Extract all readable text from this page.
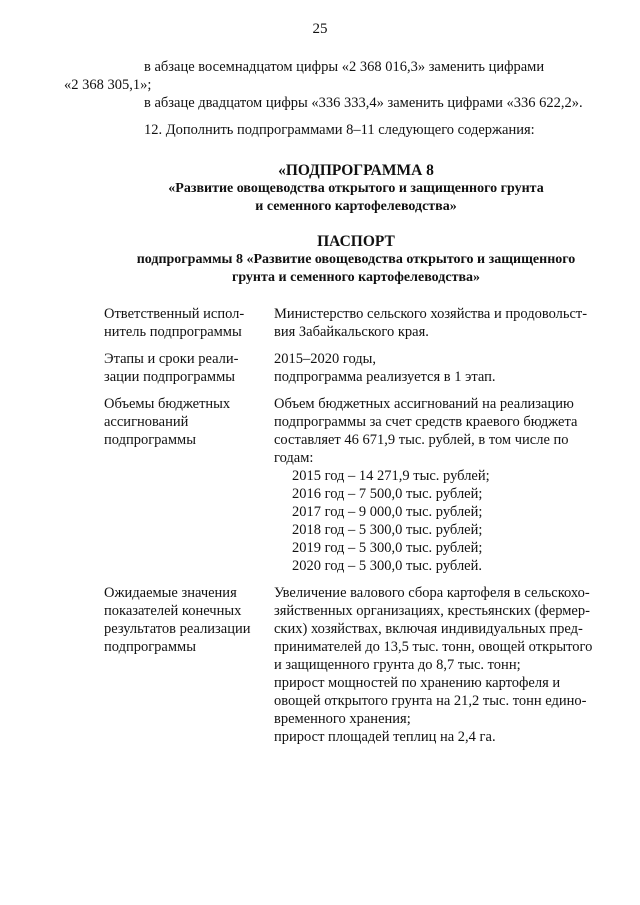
25

в абзаце восемнадцатом цифры «2 368 016,3» заменить цифрами
«2 368 305,1»;

в абзаце двадцатом цифры «336 333,4» заменить цифрами «336 622,2».

12. Дополнить подпрограммами 8–11 следующего содержания:

«ПОДПРОГРАММА 8
«Развитие овощеводства открытого и защищенного грунта
и семенного картофелеводства»
ПАСПОРТ
подпрограммы 8 «Развитие овощеводства открытого и защищенного
грунта и семенного картофелеводства»
Ответственный испол-
нитель подпрограммы
Министерство сельского хозяйства и продовольст-
вия Забайкальского края.
Этапы и сроки реали-
зации подпрограммы
2015–2020 годы,
подпрограмма реализуется в 1 этап.
Объемы бюджетных
ассигнований
подпрограммы
Объем бюджетных ассигнований на реализацию
подпрограммы за счет средств краевого бюджета
составляет 46 671,9 тыс. рублей, в том числе по
годам:
2015 год – 14 271,9 тыс. рублей;
2016 год – 7 500,0 тыс. рублей;
2017 год – 9 000,0 тыс. рублей;
2018 год – 5 300,0 тыс. рублей;
2019 год – 5 300,0 тыс. рублей;
2020 год – 5 300,0 тыс. рублей.
Ожидаемые значения
показателей конечных
результатов реализации
подпрограммы
Увеличение валового сбора картофеля в сельскохо-
зяйственных организациях, крестьянских (фермер-
ских) хозяйствах, включая индивидуальных пред-
принимателей до 13,5 тыс. тонн, овощей открытого
и защищенного грунта до 8,7 тыс. тонн;
прирост мощностей по хранению картофеля и
овощей открытого грунта на 21,2 тыс. тонн едино-
временного хранения;
прирост площадей теплиц на 2,4 га.
